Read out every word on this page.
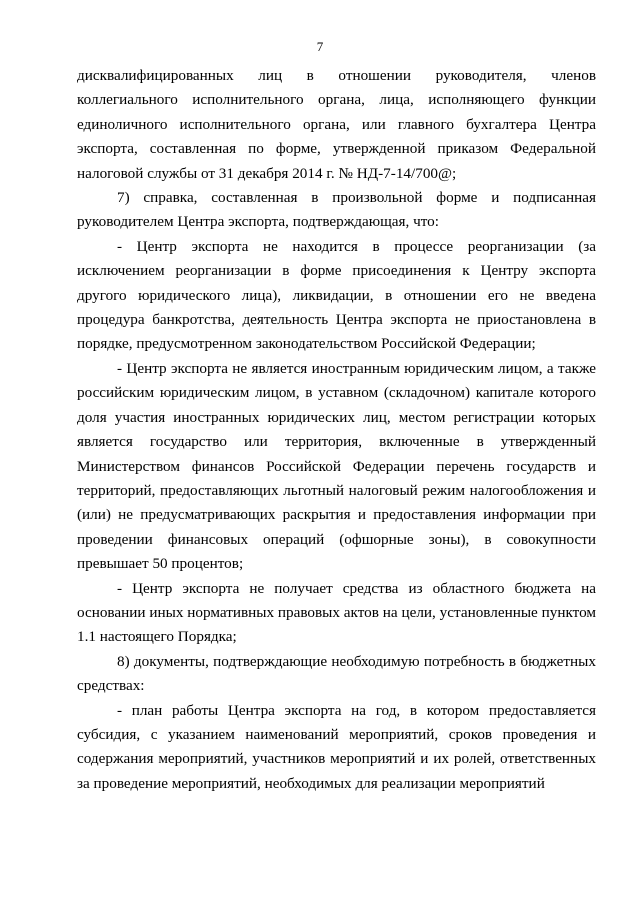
7

дисквалифицированных лиц в отношении руководителя, членов коллегиального исполнительного органа, лица, исполняющего функции единоличного исполнительного органа, или главного бухгалтера Центра экспорта, составленная по форме, утвержденной приказом Федеральной налоговой службы от 31 декабря 2014 г. № НД-7-14/700@;

7) справка, составленная в произвольной форме и подписанная руководителем Центра экспорта, подтверждающая, что:

- Центр экспорта не находится в процессе реорганизации (за исключением реорганизации в форме присоединения к Центру экспорта другого юридического лица), ликвидации, в отношении его не введена процедура банкротства, деятельность Центра экспорта не приостановлена в порядке, предусмотренном законодательством Российской Федерации;

- Центр экспорта не является иностранным юридическим лицом, а также российским юридическим лицом, в уставном (складочном) капитале которого доля участия иностранных юридических лиц, местом регистрации которых является государство или территория, включенные в утвержденный Министерством финансов Российской Федерации перечень государств и территорий, предоставляющих льготный налоговый режим налогообложения и (или) не предусматривающих раскрытия и предоставления информации при проведении финансовых операций (офшорные зоны), в совокупности превышает 50 процентов;

- Центр экспорта не получает средства из областного бюджета на основании иных нормативных правовых актов на цели, установленные пунктом 1.1 настоящего Порядка;

8) документы, подтверждающие необходимую потребность в бюджетных средствах:

- план работы Центра экспорта на год, в котором предоставляется субсидия, с указанием наименований мероприятий, сроков проведения и содержания мероприятий, участников мероприятий и их ролей, ответственных за проведение мероприятий, необходимых для реализации мероприятий
